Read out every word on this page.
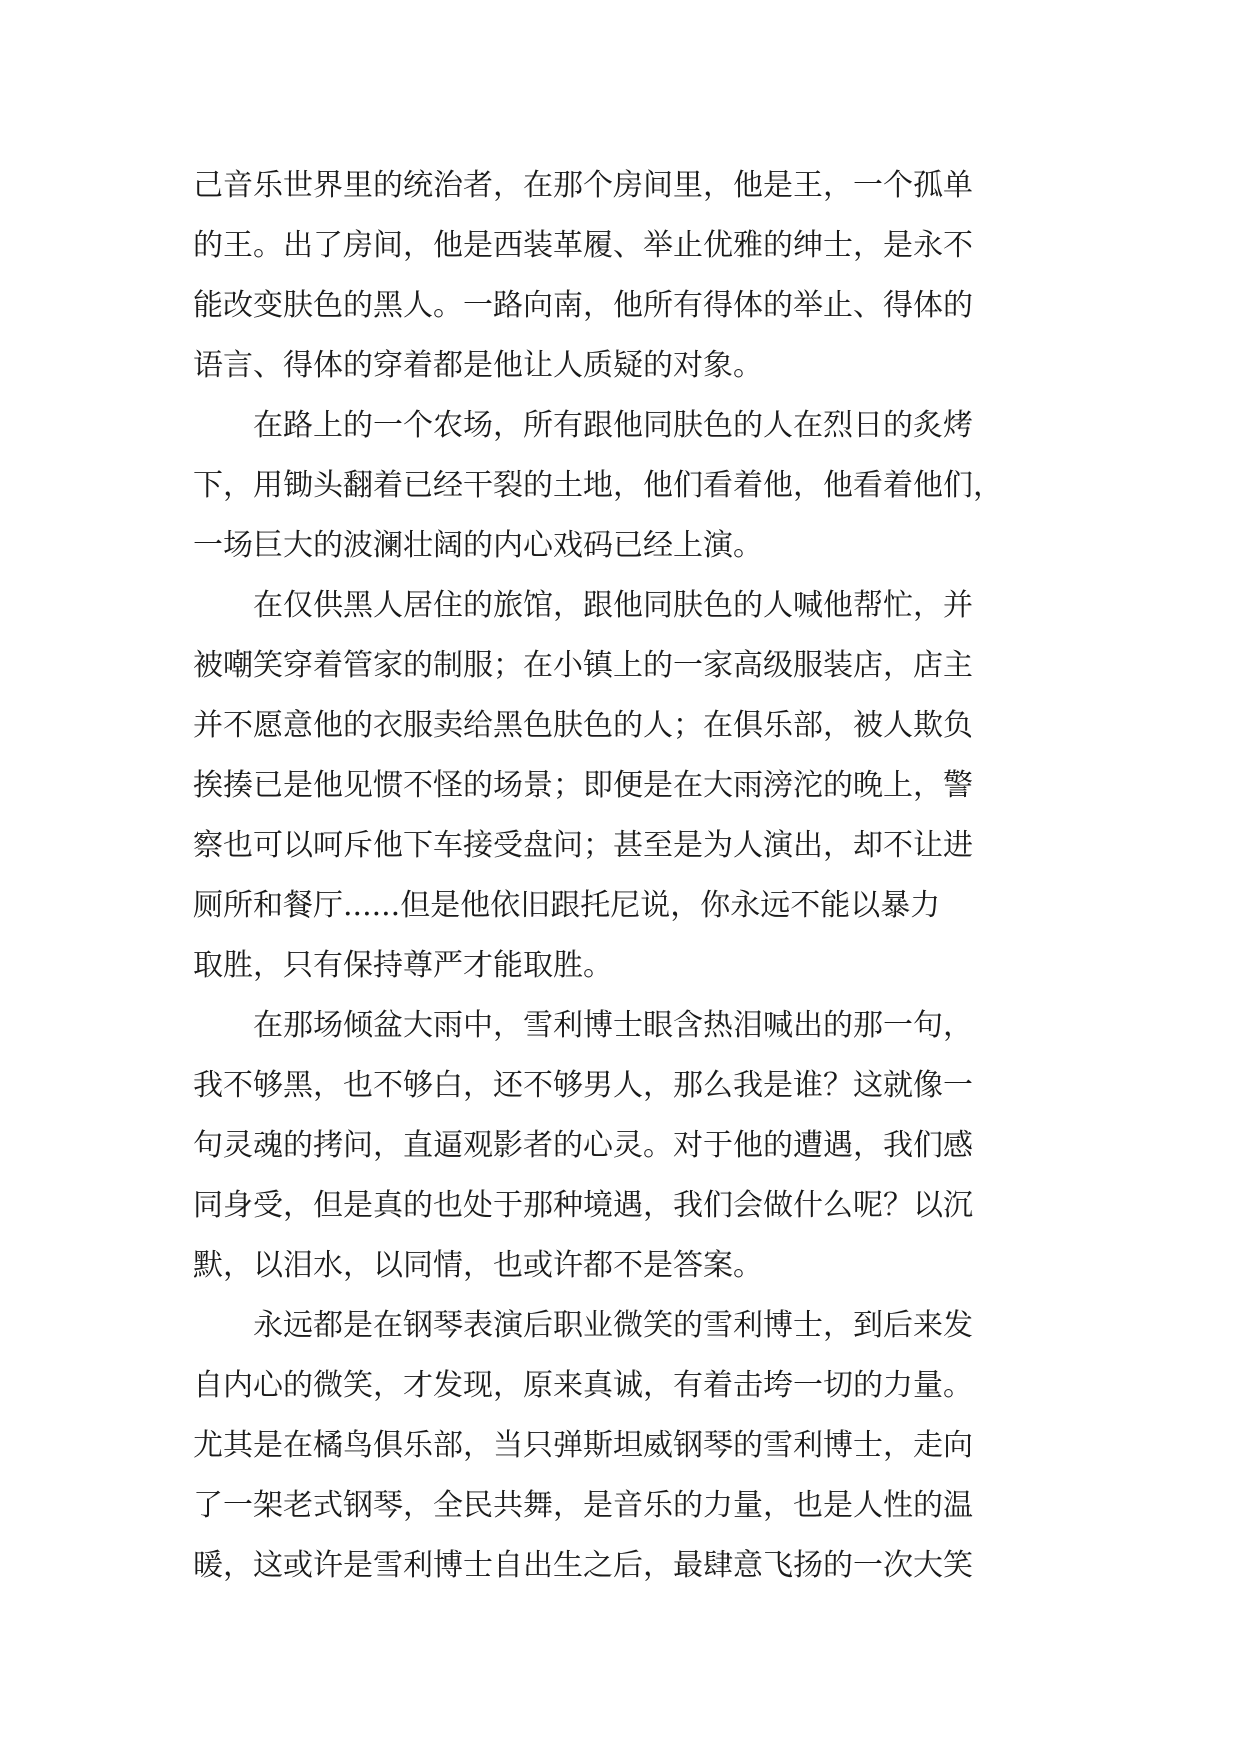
己音乐世界里的统治者，在那个房间里，他是王，一个孤单
的王。出了房间，他是西装革履、举止优雅的绅士，是永不
能改变肤色的黑人。一路向南，他所有得体的举止、得体的
语言、得体的穿着都是他让人质疑的对象。
　　在路上的一个农场，所有跟他同肤色的人在烈日的炙烤
下，用锄头翻着已经干裂的土地，他们看着他，他看着他们，
一场巨大的波澜壮阔的内心戏码已经上演。
　　在仅供黑人居住的旅馆，跟他同肤色的人喊他帮忙，并
被嘲笑穿着管家的制服；在小镇上的一家高级服装店，店主
并不愿意他的衣服卖给黑色肤色的人；在俱乐部，被人欺负
挨揍已是他见惯不怪的场景；即便是在大雨滂沱的晚上，警
察也可以呵斥他下车接受盘问；甚至是为人演出，却不让进
厕所和餐厅......但是他依旧跟托尼说，你永远不能以暴力
取胜，只有保持尊严才能取胜。
　　在那场倾盆大雨中，雪利博士眼含热泪喊出的那一句，
我不够黑，也不够白，还不够男人，那么我是谁？这就像一
句灵魂的拷问，直逼观影者的心灵。对于他的遭遇，我们感
同身受，但是真的也处于那种境遇，我们会做什么呢？以沉
默，以泪水，以同情，也或许都不是答案。
　　永远都是在钢琴表演后职业微笑的雪利博士，到后来发
自内心的微笑，才发现，原来真诚，有着击垮一切的力量。
尤其是在橘鸟俱乐部，当只弹斯坦威钢琴的雪利博士，走向
了一架老式钢琴，全民共舞，是音乐的力量，也是人性的温
暖，这或许是雪利博士自出生之后，最肆意飞扬的一次大笑
